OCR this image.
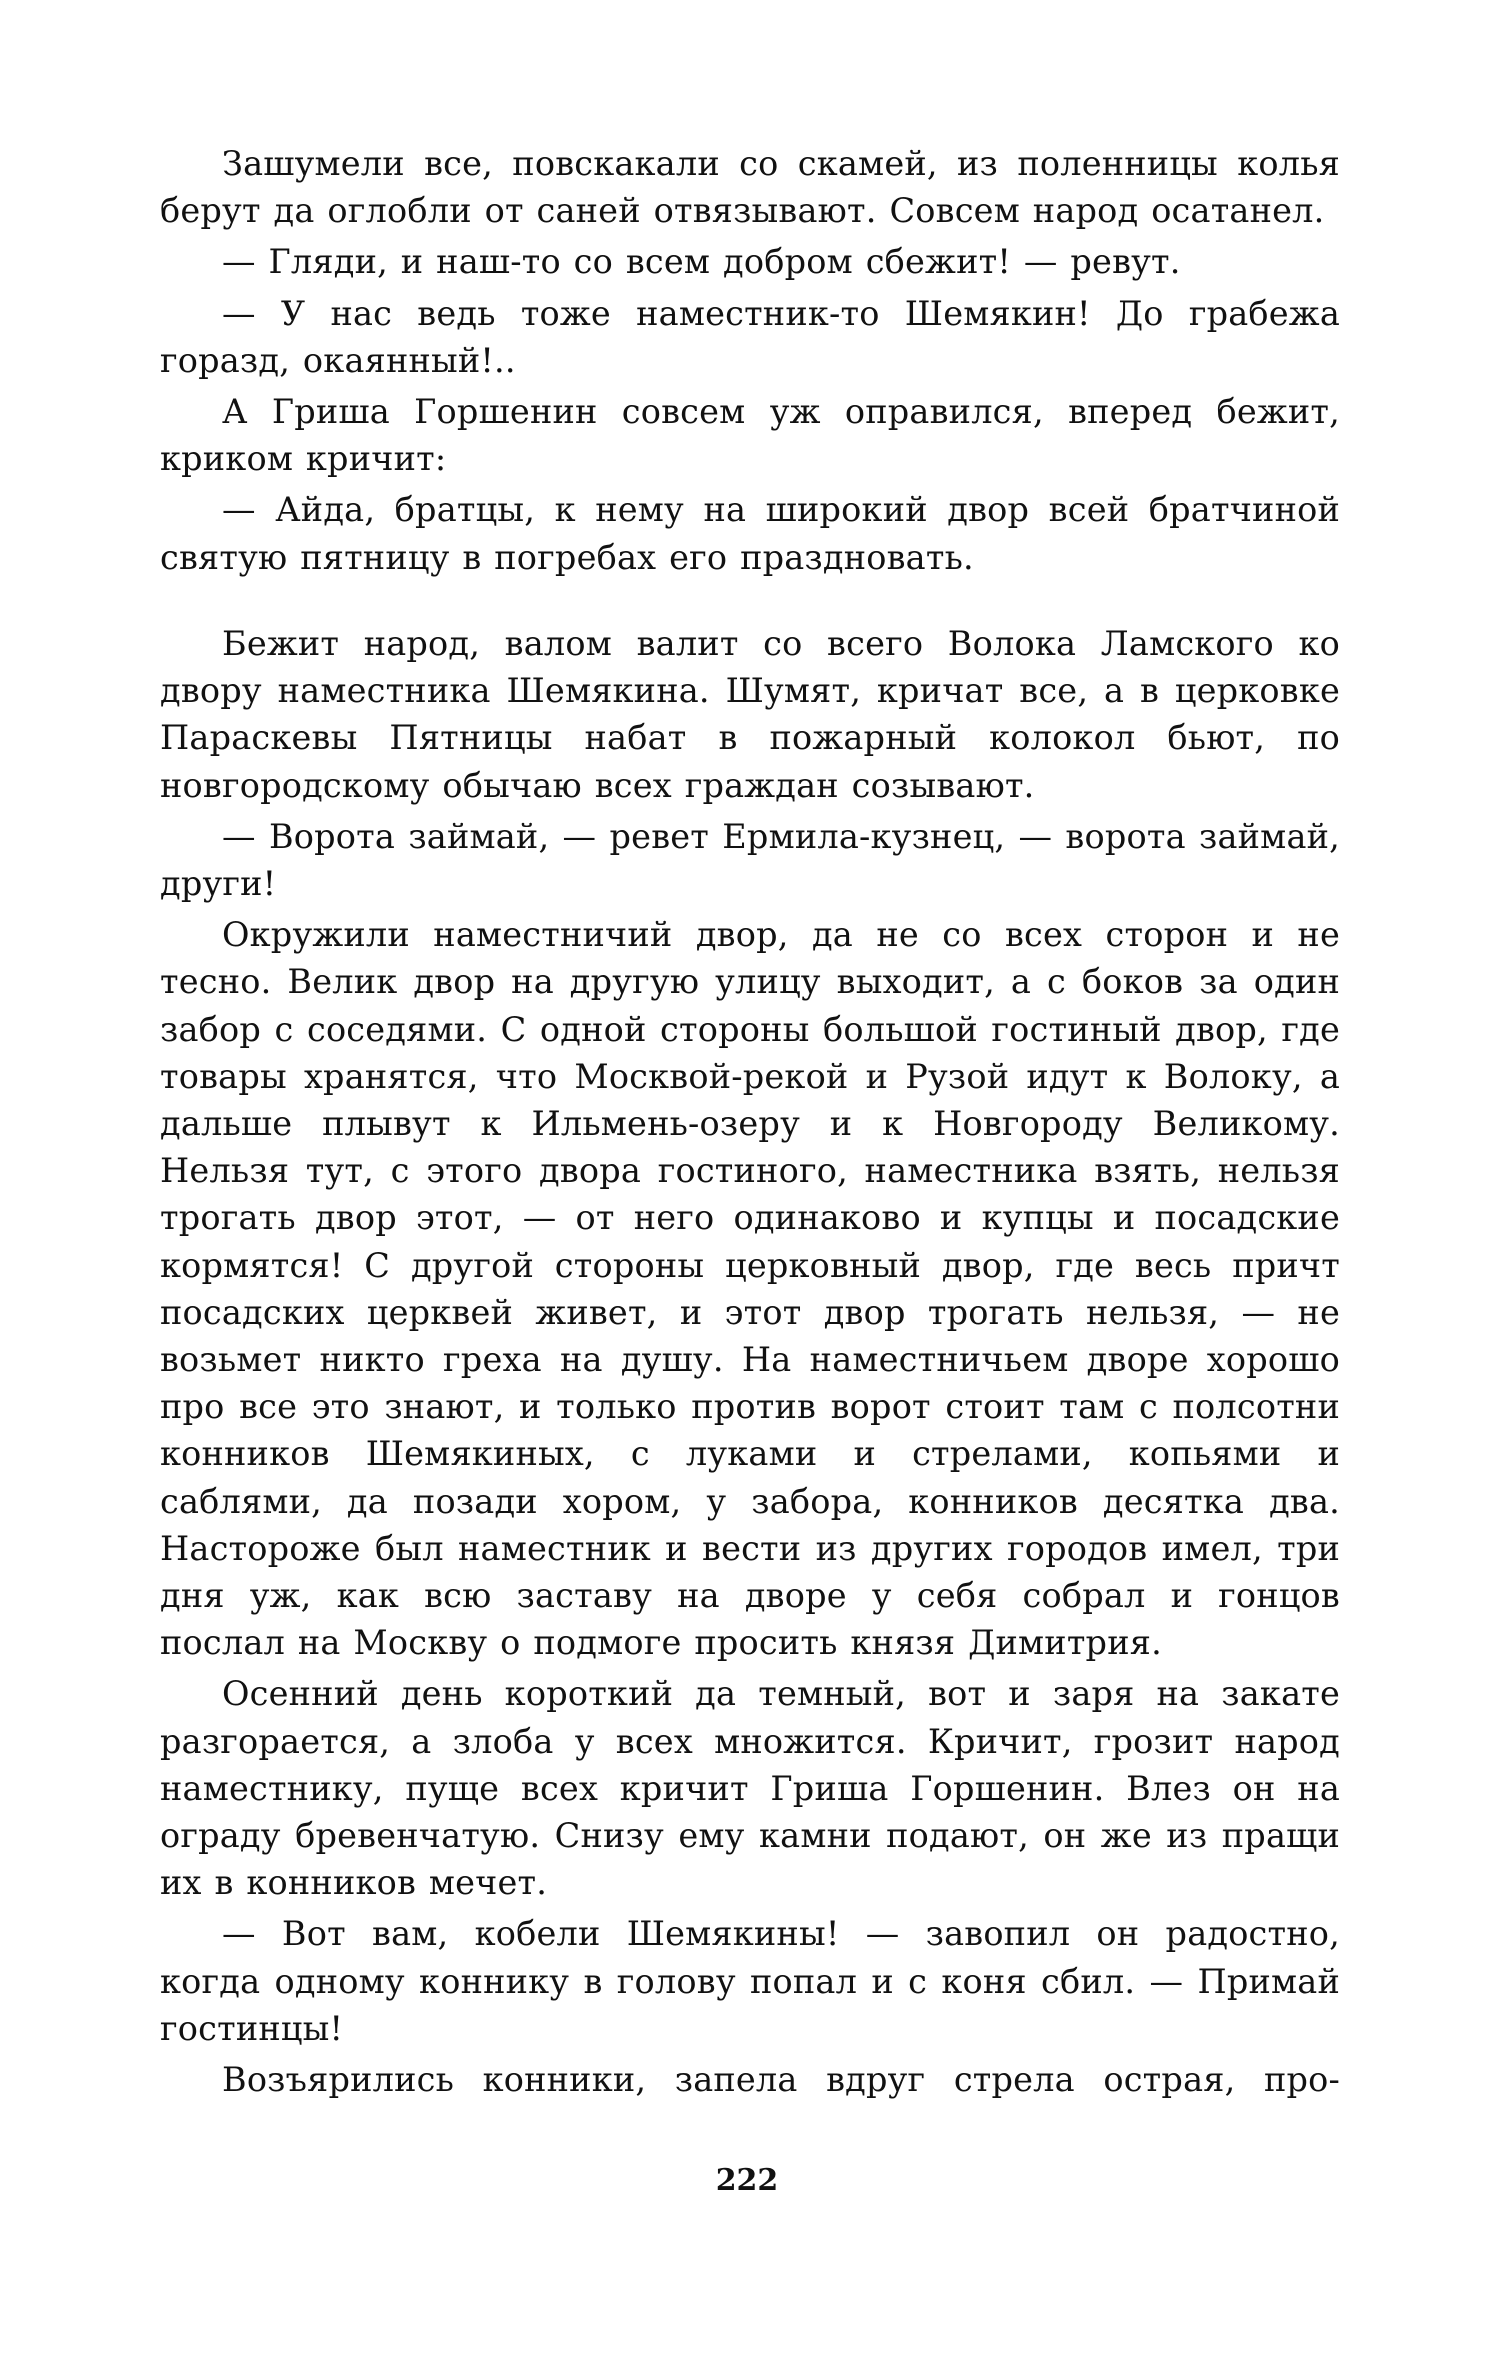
Зашумели все, повскакали со скамей, из поленницы колья берут да оглобли от саней отвязывают. Совсем народ осатанел.

— Гляди, и наш-то со всем добром сбежит! — ревут.

— У нас ведь тоже наместник-то Шемякин! До грабежа горазд, окаянный!..

А Гриша Горшенин совсем уж оправился, вперед бежит, криком кричит:

— Айда, братцы, к нему на широкий двор всей братчиной святую пятницу в погребах его праздновать.

Бежит народ, валом валит со всего Волока Ламского ко двору наместника Шемякина. Шумят, кричат все, а в церковке Параскевы Пятницы набат в пожарный колокол бьют, по новгородскому обычаю всех граждан созывают.

— Ворота займай, — ревет Ермила-кузнец, — ворота займай, други!

Окружили наместничий двор, да не со всех сторон и не тесно. Велик двор на другую улицу выходит, а с боков за один забор с соседями. С одной стороны большой гостиный двор, где товары хранятся, что Москвой-рекой и Рузой идут к Волоку, а дальше плывут к Ильмень-озеру и к Новгороду Великому. Нельзя тут, с этого двора гостиного, наместника взять, нельзя трогать двор этот, — от него одинаково и купцы и посадские кормятся! С другой стороны церковный двор, где весь причт посадских церквей живет, и этот двор трогать нельзя, — не возьмет никто греха на душу. На наместничьем дворе хорошо про все это знают, и только против ворот стоит там с полсотни конников Шемякиных, с луками и стрелами, копьями и саблями, да позади хором, у забора, конников десятка два. Настороже был наместник и вести из других городов имел, три дня уж, как всю заставу на дворе у себя собрал и гонцов послал на Москву о подмоге просить князя Димитрия.

Осенний день короткий да темный, вот и заря на закате разгорается, а злоба у всех множится. Кричит, грозит народ наместнику, пуще всех кричит Гриша Горшенин. Влез он на ограду бревенчатую. Снизу ему камни подают, он же из пращи их в конников мечет.

— Вот вам, кобели Шемякины! — завопил он радостно, когда одному коннику в голову попал и с коня сбил. — Примай гостинцы!

Возъярились конники, запела вдруг стрела острая, про-

222
